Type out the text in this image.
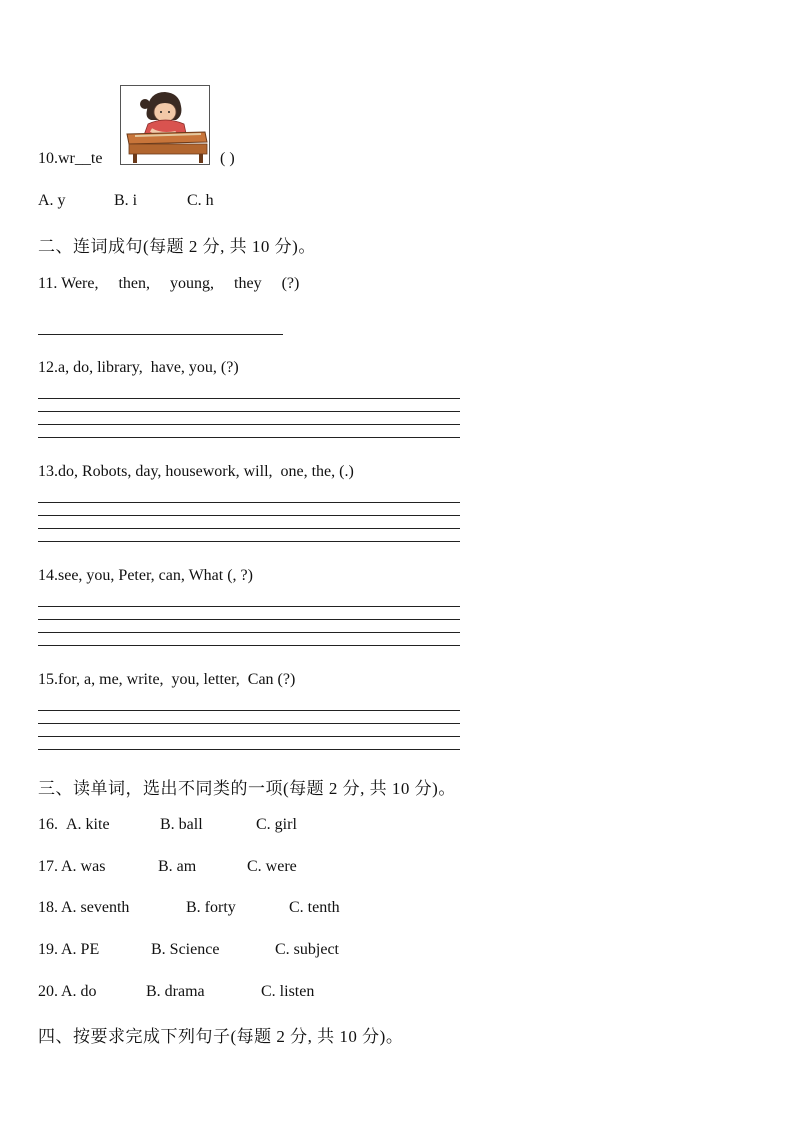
10.wr__te	( )
A. y	B. i	C. h
二、连词成句(每题 2 分, 共 10 分)。
11. Were,     then,     young,     they     (?)
12.a, do, library,  have, you, (?)
13.do, Robots, day, housework, will,  one, the, (.)
14.see, you, Peter, can, What (, ?)
15.for, a, me, write,  you, letter,  Can (?)
三、读单词，选出不同类的一项(每题 2 分, 共 10 分)。
16. A. kite	B. ball	C. girl
17. A. was	B. am	C. were
18. A. seventh	B. forty	C. tenth
19. A. PE	B. Science	C. subject
20. A. do	B. drama	C. listen
四、按要求完成下列句子(每题 2 分, 共 10 分)。
